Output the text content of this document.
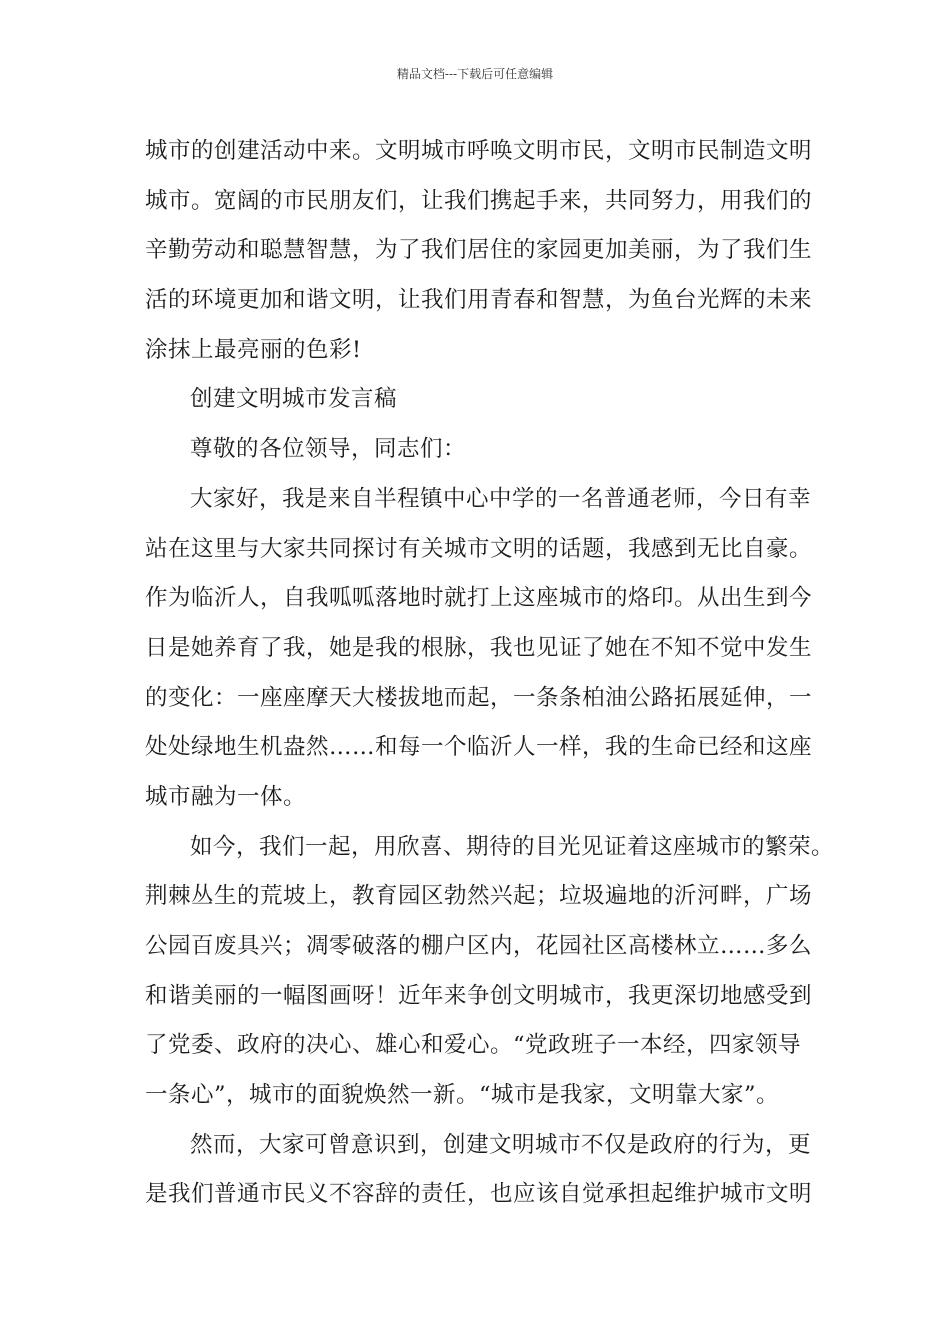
精品文档---下载后可任意编辑
城市的创建活动中来。文明城市呼唤文明市民，文明市民制造文明
城市。宽阔的市民朋友们，让我们携起手来，共同努力，用我们的
辛勤劳动和聪慧智慧，为了我们居住的家园更加美丽，为了我们生
活的环境更加和谐文明，让我们用青春和智慧，为鱼台光辉的未来
涂抹上最亮丽的色彩!
创建文明城市发言稿
尊敬的各位领导，同志们：
大家好，我是来自半程镇中心中学的一名普通老师，今日有幸
站在这里与大家共同探讨有关城市文明的话题，我感到无比自豪。
作为临沂人，自我呱呱落地时就打上这座城市的烙印。从出生到今
日是她养育了我，她是我的根脉，我也见证了她在不知不觉中发生
的变化：一座座摩天大楼拔地而起，一条条柏油公路拓展延伸，一
处处绿地生机盎然……和每一个临沂人一样，我的生命已经和这座
城市融为一体。
如今，我们一起，用欣喜、期待的目光见证着这座城市的繁荣。
荆棘丛生的荒坡上，教育园区勃然兴起；垃圾遍地的沂河畔，广场
公园百废具兴；凋零破落的棚户区内，花园社区高楼林立……多么
和谐美丽的一幅图画呀！近年来争创文明城市，我更深切地感受到
了党委、政府的决心、雄心和爱心。“党政班子一本经，四家领导
一条心”，城市的面貌焕然一新。“城市是我家，文明靠大家”。
然而，大家可曾意识到，创建文明城市不仅是政府的行为，更
是我们普通市民义不容辞的责任，也应该自觉承担起维护城市文明
